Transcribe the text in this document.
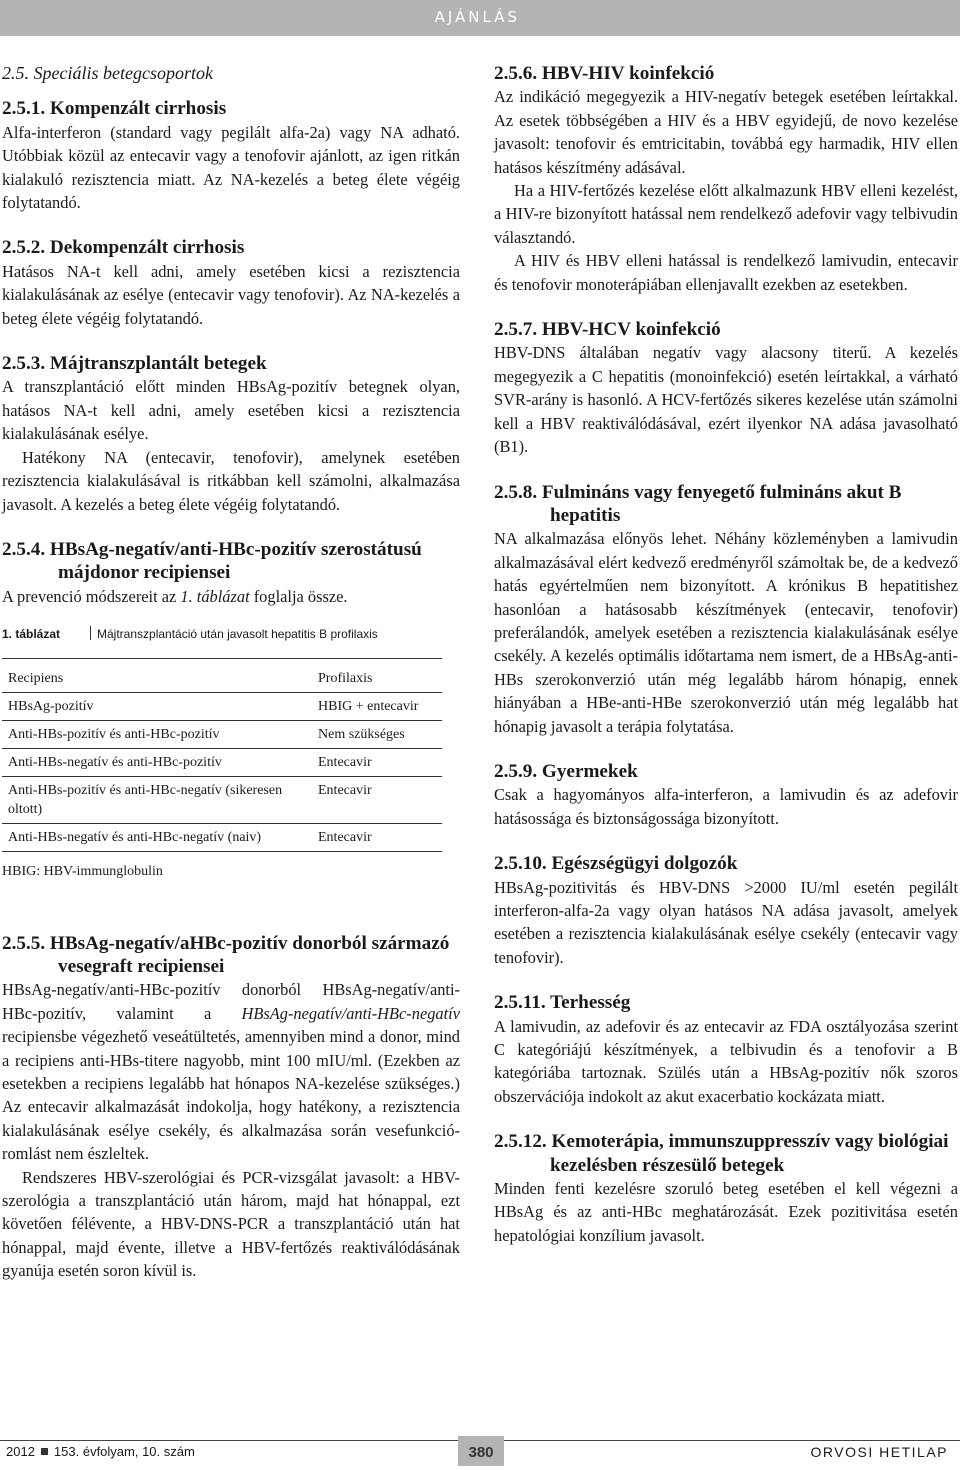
AJÁNLÁS
2.5. Speciális betegcsoportok
2.5.1. Kompenzált cirrhosis

Alfa-interferon (standard vagy pegilált alfa-2a) vagy NA adható. Utóbbiak közül az entecavir vagy a tenofovir ajánlott, az igen ritkán kialakuló rezisztencia miatt. Az NA-kezelés a beteg élete végéig folytatandó.

2.5.2. Dekompenzált cirrhosis

Hatásos NA-t kell adni, amely esetében kicsi a rezisztencia kialakulásának az esélye (entecavir vagy tenofovir). Az NA-kezelés a beteg élete végéig folytatandó.

2.5.3. Májtranszplantált betegek

A transzplantáció előtt minden HBsAg-pozitív betegnek olyan, hatásos NA-t kell adni, amely esetében kicsi a rezisztencia kialakulásának esélye.

Hatékony NA (entecavir, tenofovir), amelynek esetében rezisztencia kialakulásával is ritkábban kell számolni, alkalmazása javasolt. A kezelés a beteg élete végéig folytatandó.

2.5.4. HBsAg-negatív/anti-HBc-pozitív szerostátusú májdonor recipiensei

A prevenció módszereit az 1. táblázat foglalja össze.

1. táblázat	Májtranszplantáció után javasolt hepatitis B profilaxis
Recipiens	Profilaxis
HBsAg-pozitív	HBIG + entecavir
Anti-HBs-pozitív és anti-HBc-pozitív	Nem szükséges
Anti-HBs-negatív és anti-HBc-pozitív	Entecavir
Anti-HBs-pozitív és anti-HBc-negatív (sikeresen oltott)	Entecavir
Anti-HBs-negatív és anti-HBc-negatív (naiv)	Entecavir
HBIG: HBV-immunglobulin
2.5.5. HBsAg-negatív/aHBc-pozitív donorból származó vesegraft recipiensei

HBsAg-negatív/anti-HBc-pozitív donorból HBsAg-negatív/anti-HBc-pozitív, valamint a HBsAg-negatív/anti-HBc-negatív recipiensbe végezhető veseátültetés, amennyiben mind a donor, mind a recipiens anti-HBs-titere nagyobb, mint 100 mIU/ml. (Ezekben az esetekben a recipiens legalább hat hónapos NA-kezelése szükséges.) Az entecavir alkalmazását indokolja, hogy hatékony, a rezisztencia kialakulásának esélye csekély, és alkalmazása során vesefunkció-romlást nem észleltek.

Rendszeres HBV-szerológiai és PCR-vizsgálat javasolt: a HBV-szerológia a transzplantáció után három, majd hat hónappal, ezt követően félévente, a HBV-DNS-PCR a transzplantáció után hat hónappal, majd évente, illetve a HBV-fertőzés reaktiválódásának gyanúja esetén soron kívül is.

2.5.6. HBV-HIV koinfekció

Az indikáció megegyezik a HIV-negatív betegek esetében leírtakkal. Az esetek többségében a HIV és a HBV egyidejű, de novo kezelése javasolt: tenofovir és emtricitabin, továbbá egy harmadik, HIV ellen hatásos készítmény adásával.

Ha a HIV-fertőzés kezelése előtt alkalmazunk HBV elleni kezelést, a HIV-re bizonyított hatással nem rendelkező adefovir vagy telbivudin választandó.

A HIV és HBV elleni hatással is rendelkező lamivudin, entecavir és tenofovir monoterápiában ellenjavallt ezekben az esetekben.

2.5.7. HBV-HCV koinfekció

HBV-DNS általában negatív vagy alacsony titerű. A kezelés megegyezik a C hepatitis (monoinfekció) esetén leírtakkal, a várható SVR-arány is hasonló. A HCV-fertőzés sikeres kezelése után számolni kell a HBV reaktiválódásával, ezért ilyenkor NA adása javasolható (B1).

2.5.8. Fulmináns vagy fenyegető fulmináns akut B hepatitis

NA alkalmazása előnyös lehet. Néhány közleményben a lamivudin alkalmazásával elért kedvező eredményről számoltak be, de a kedvező hatás egyértelműen nem bizonyított. A krónikus B hepatitishez hasonlóan a hatásosabb készítmények (entecavir, tenofovir) preferálandók, amelyek esetében a rezisztencia kialakulásának esélye csekély. A kezelés optimális időtartama nem ismert, de a HBsAg-anti-HBs szerokonverzió után még legalább három hónapig, ennek hiányában a HBe-anti-HBe szerokonverzió után még legalább hat hónapig javasolt a terápia folytatása.

2.5.9. Gyermekek

Csak a hagyományos alfa-interferon, a lamivudin és az adefovir hatásossága és biztonságossága bizonyított.

2.5.10. Egészségügyi dolgozók

HBsAg-pozitivitás és HBV-DNS >2000 IU/ml esetén pegilált interferon-alfa-2a vagy olyan hatásos NA adása javasolt, amelyek esetében a rezisztencia kialakulásának esélye csekély (entecavir vagy tenofovir).

2.5.11. Terhesség

A lamivudin, az adefovir és az entecavir az FDA osztályozása szerint C kategóriájú készítmények, a telbivudin és a tenofovir a B kategóriába tartoznak. Szülés után a HBsAg-pozitív nők szoros obszervációja indokolt az akut exacerbatio kockázata miatt.

2.5.12. Kemoterápia, immunszuppresszív vagy biológiai kezelésben részesülő betegek

Minden fenti kezelésre szoruló beteg esetében el kell végezni a HBsAg és az anti-HBc meghatározását. Ezek pozitivitása esetén hepatológiai konzílium javasolt.

2012 153. évfolyam, 10. szám	380	ORVOSI HETILAP
